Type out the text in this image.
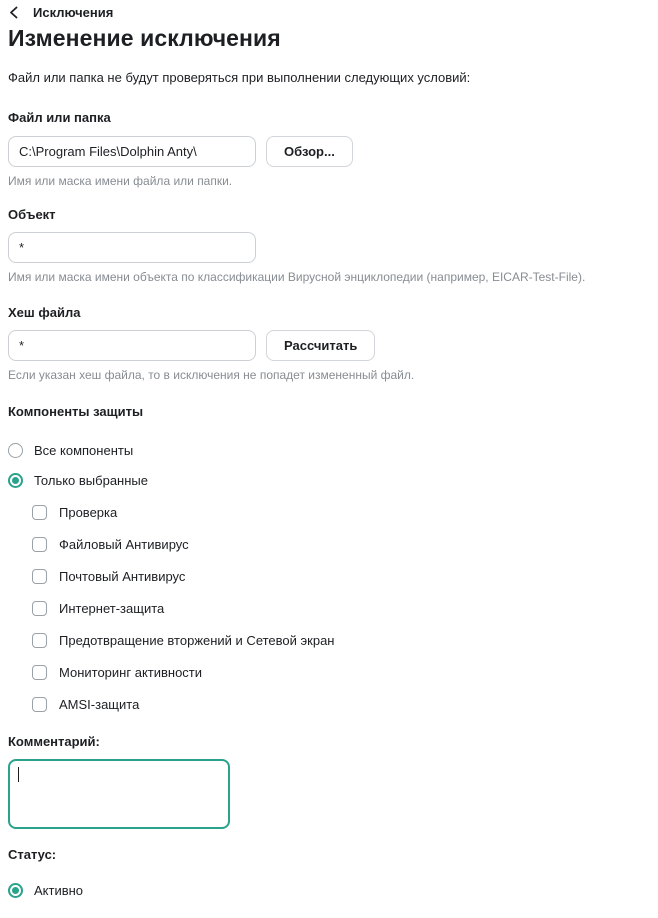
Исключения
Изменение исключения

Файл или папка не будут проверяться при выполнении следующих условий:

Файл или папка
C:\Program Files\Dolphin Anty\
Обзор...
Имя или маска имени файла или папки.
Объект
*
Имя или маска имени объекта по классификации Вирусной энциклопедии (например, EICAR-Test-File).
Хеш файла
*
Рассчитать
Если указан хеш файла, то в исключения не попадет измененный файл.
Компоненты защиты
Все компоненты
Только выбранные
Проверка
Файловый Антивирус
Почтовый Антивирус
Интернет-защита
Предотвращение вторжений и Сетевой экран
Мониторинг активности
AMSI-защита
Комментарий:
Статус:
Активно
